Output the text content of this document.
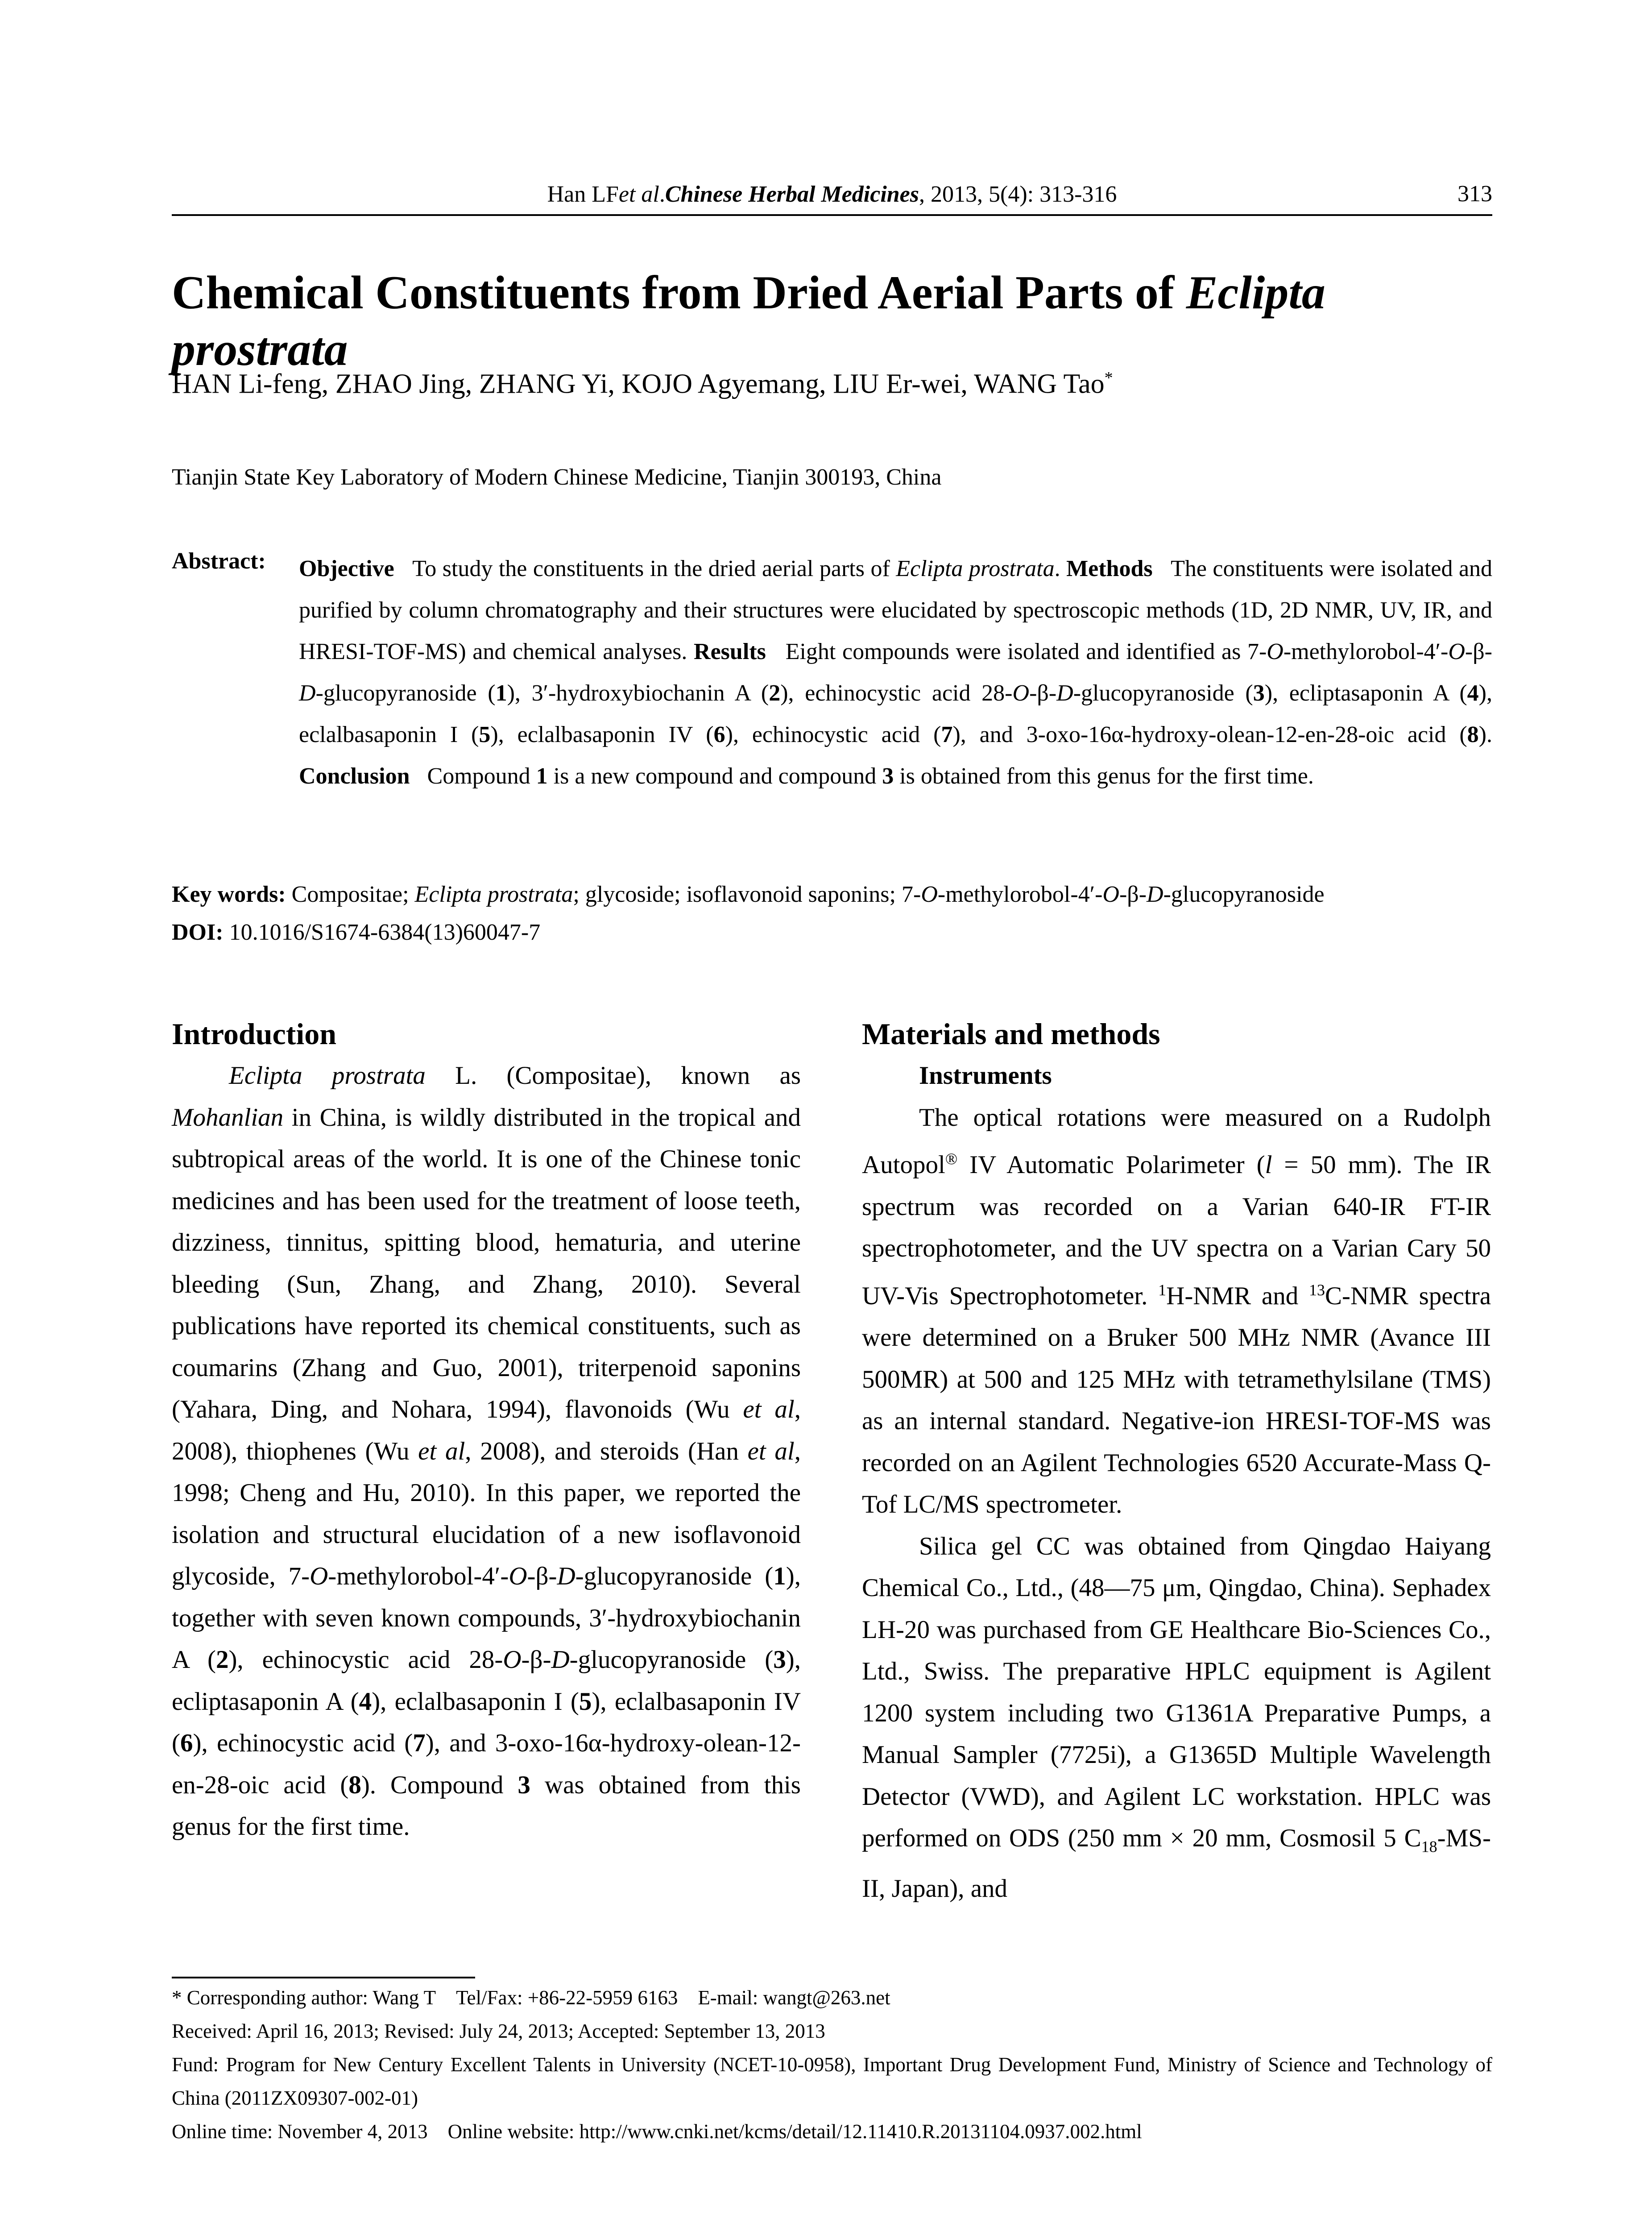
Han LF et al . Chinese Herbal Medicines , 2013, 5(4): 313-316	313
Chemical Constituents from Dried Aerial Parts of Eclipta prostrata
HAN Li-feng, ZHAO Jing, ZHANG Yi, KOJO Agyemang, LIU Er-wei, WANG Tao*
Tianjin State Key Laboratory of Modern Chinese Medicine, Tianjin 300193, China
Abstract: Objective To study the constituents in the dried aerial parts of Eclipta prostrata. Methods The constituents were isolated and purified by column chromatography and their structures were elucidated by spectroscopic methods (1D, 2D NMR, UV, IR, and HRESI-TOF-MS) and chemical analyses. Results Eight compounds were isolated and identified as 7-O-methylorobol-4′-O-β-D-glucopyranoside (1), 3′-hydroxybiochanin A (2), echinocystic acid 28-O-β-D-glucopyranoside (3), ecliptasaponin A (4), eclalbasaponin I (5), eclalbasaponin IV (6), echinocystic acid (7), and 3-oxo-16α-hydroxy-olean-12-en-28-oic acid (8). Conclusion Compound 1 is a new compound and compound 3 is obtained from this genus for the first time.
Key words: Compositae; Eclipta prostrata; glycoside; isoflavonoid saponins; 7-O-methylorobol-4′-O-β-D-glucopyranoside
DOI: 10.1016/S1674-6384(13)60047-7
Introduction

Eclipta prostrata L. (Compositae), known as Mohanlian in China, is wildly distributed in the tropical and subtropical areas of the world. It is one of the Chinese tonic medicines and has been used for the treatment of loose teeth, dizziness, tinnitus, spitting blood, hematuria, and uterine bleeding (Sun, Zhang, and Zhang, 2010). Several publications have reported its chemical constituents, such as coumarins (Zhang and Guo, 2001), triterpenoid saponins (Yahara, Ding, and Nohara, 1994), flavonoids (Wu et al, 2008), thiophenes (Wu et al, 2008), and steroids (Han et al, 1998; Cheng and Hu, 2010). In this paper, we reported the isolation and structural elucidation of a new isoflavonoid glycoside, 7-O-methylorobol-4′-O-β-D-glucopyranoside (1), together with seven known compounds, 3′-hydroxybiochanin A (2), echinocystic acid 28-O-β-D-glucopyranoside (3), ecliptasaponin A (4), eclalbasaponin I (5), eclalbasaponin IV (6), echinocystic acid (7), and 3-oxo-16α-hydroxy-olean-12-en-28-oic acid (8). Compound 3 was obtained from this genus for the first time.

Materials and methods
Instruments

The optical rotations were measured on a Rudolph Autopol® IV Automatic Polarimeter (l = 50 mm). The IR spectrum was recorded on a Varian 640-IR FT-IR spectrophotometer, and the UV spectra on a Varian Cary 50 UV-Vis Spectrophotometer. $^1$H-NMR and $^{13}$C-NMR spectra were determined on a Bruker 500 MHz NMR (Avance III 500MR) at 500 and 125 MHz with tetramethylsilane (TMS) as an internal standard. Negative-ion HRESI-TOF-MS was recorded on an Agilent Technologies 6520 Accurate-Mass Q-Tof LC/MS spectrometer.

Silica gel CC was obtained from Qingdao Haiyang Chemical Co., Ltd., (48—75 μm, Qingdao, China). Sephadex LH-20 was purchased from GE Healthcare Bio-Sciences Co., Ltd., Swiss. The preparative HPLC equipment is Agilent 1200 system including two G1361A Preparative Pumps, a Manual Sampler (7725i), a G1365D Multiple Wavelength Detector (VWD), and Agilent LC workstation. HPLC was performed on ODS (250 mm × 20 mm, Cosmosil 5 $C_{18}-MS-II$, Japan), and

* Corresponding author: Wang T    Tel/Fax: +86-22-5959 6163    E-mail: wangt@263.net
Received: April 16, 2013; Revised: July 24, 2013; Accepted: September 13, 2013
Fund: Program for New Century Excellent Talents in University (NCET-10-0958), Important Drug Development Fund, Ministry of Science and Technology of China (2011ZX09307-002-01)
Online time: November 4, 2013    Online website: http://www.cnki.net/kcms/detail/12.11410.R.20131104.0937.002.html
